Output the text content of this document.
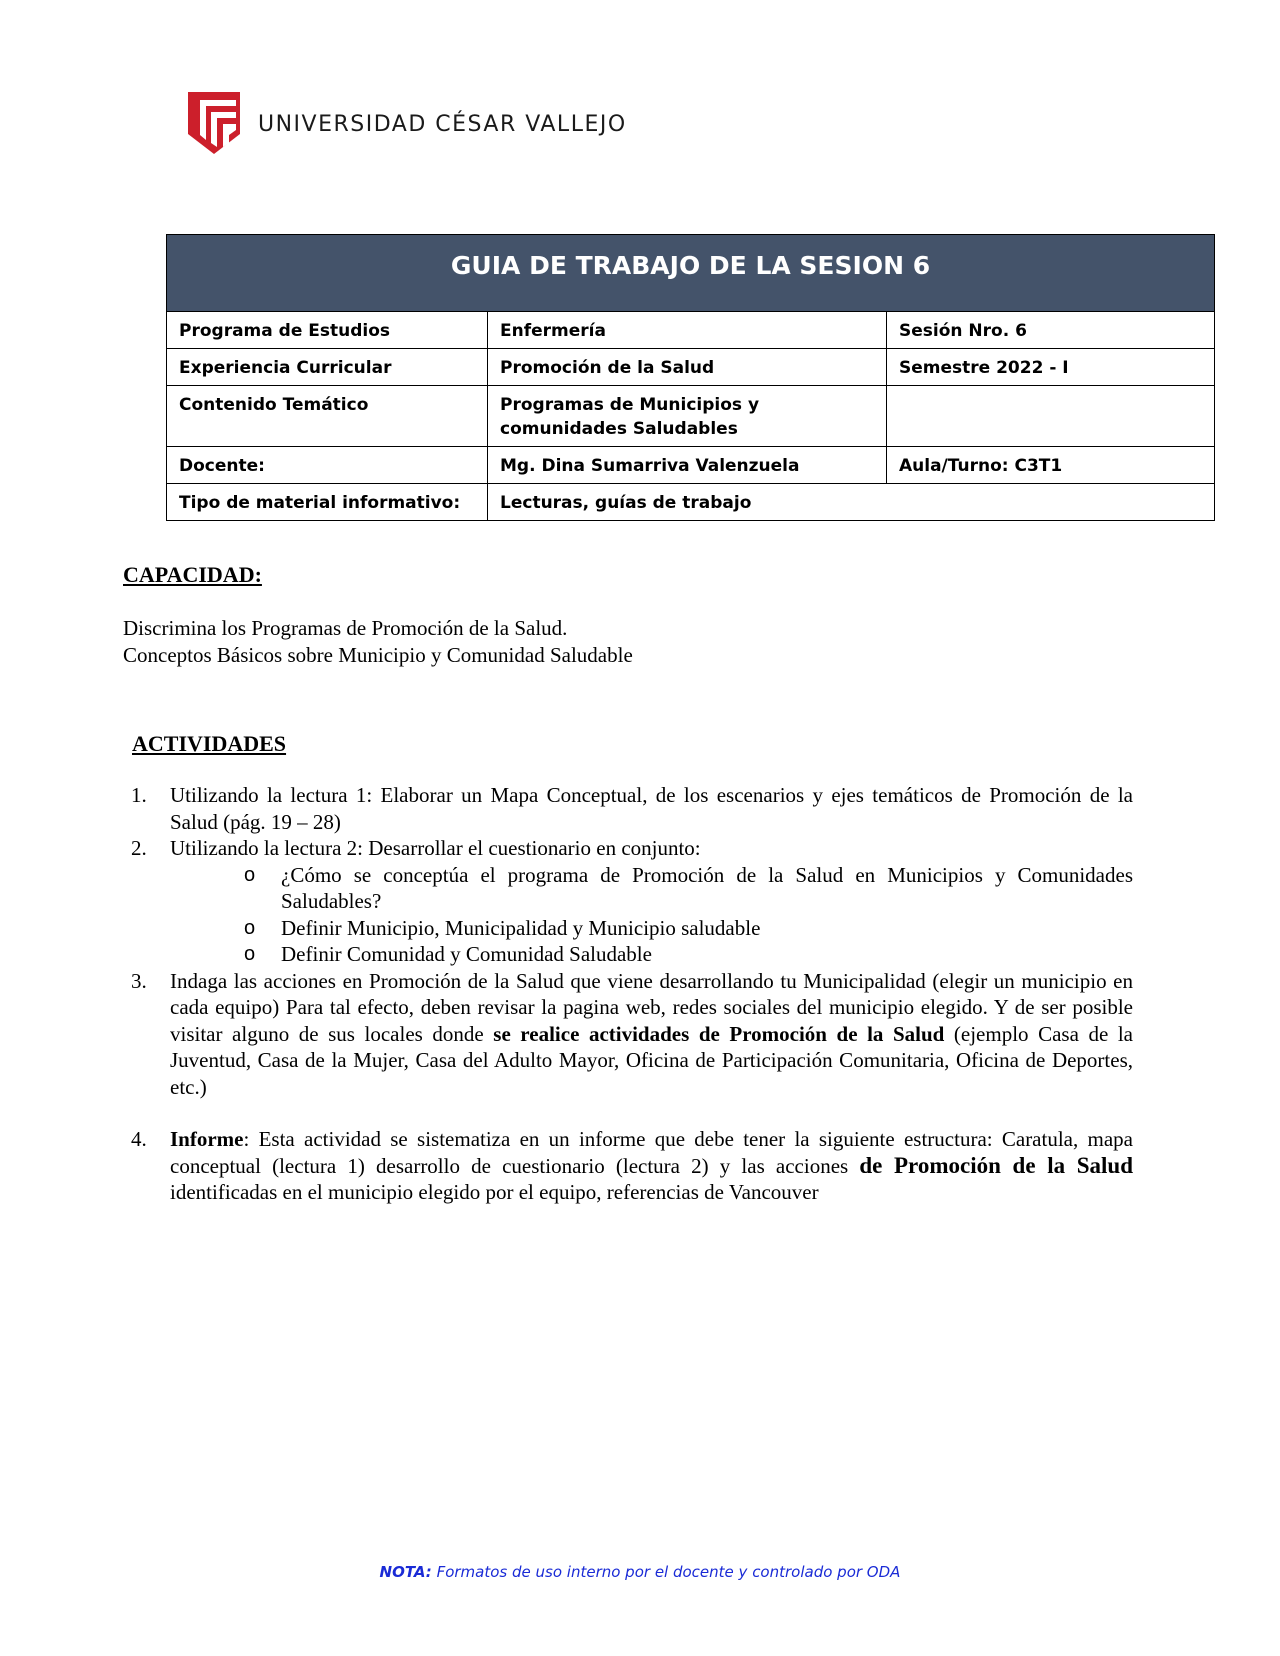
UNIVERSIDAD CÉSAR VALLEJO
GUIA DE TRABAJO DE LA SESION 6		
Programa de Estudios	Enfermería	Sesión Nro. 6
Experiencia Curricular	Promoción de la Salud	Semestre 2022 - I
Contenido Temático	Programas de Municipios y comunidades Saludables	
Docente:	Mg. Dina Sumarriva Valenzuela	Aula/Turno: C3T1
Tipo de material informativo:	Lecturas, guías de trabajo	
CAPACIDAD:
Discrimina los Programas de Promoción de la Salud.
Conceptos Básicos sobre Municipio y Comunidad Saludable
ACTIVIDADES
1. Utilizando la lectura 1: Elaborar un Mapa Conceptual, de los escenarios y ejes temáticos de Promoción de la Salud (pág. 19 – 28)
2. Utilizando la lectura 2: Desarrollar el cuestionario en conjunto:
o ¿Cómo se conceptúa el programa de Promoción de la Salud en Municipios y Comunidades Saludables?
o Definir Municipio, Municipalidad y Municipio saludable
o Definir Comunidad y Comunidad Saludable
3. Indaga las acciones en Promoción de la Salud que viene desarrollando tu Municipalidad (elegir un municipio en cada equipo) Para tal efecto, deben revisar la pagina web, redes sociales del municipio elegido. Y de ser posible visitar alguno de sus locales donde se realice actividades de Promoción de la Salud (ejemplo Casa de la Juventud, Casa de la Mujer, Casa del Adulto Mayor, Oficina de Participación Comunitaria, Oficina de Deportes, etc.)
4. Informe: Esta actividad se sistematiza en un informe que debe tener la siguiente estructura: Caratula, mapa conceptual (lectura 1) desarrollo de cuestionario (lectura 2) y las acciones de Promoción de la Salud identificadas en el municipio elegido por el equipo, referencias de Vancouver
NOTA: Formatos de uso interno por el docente y controlado por ODA
